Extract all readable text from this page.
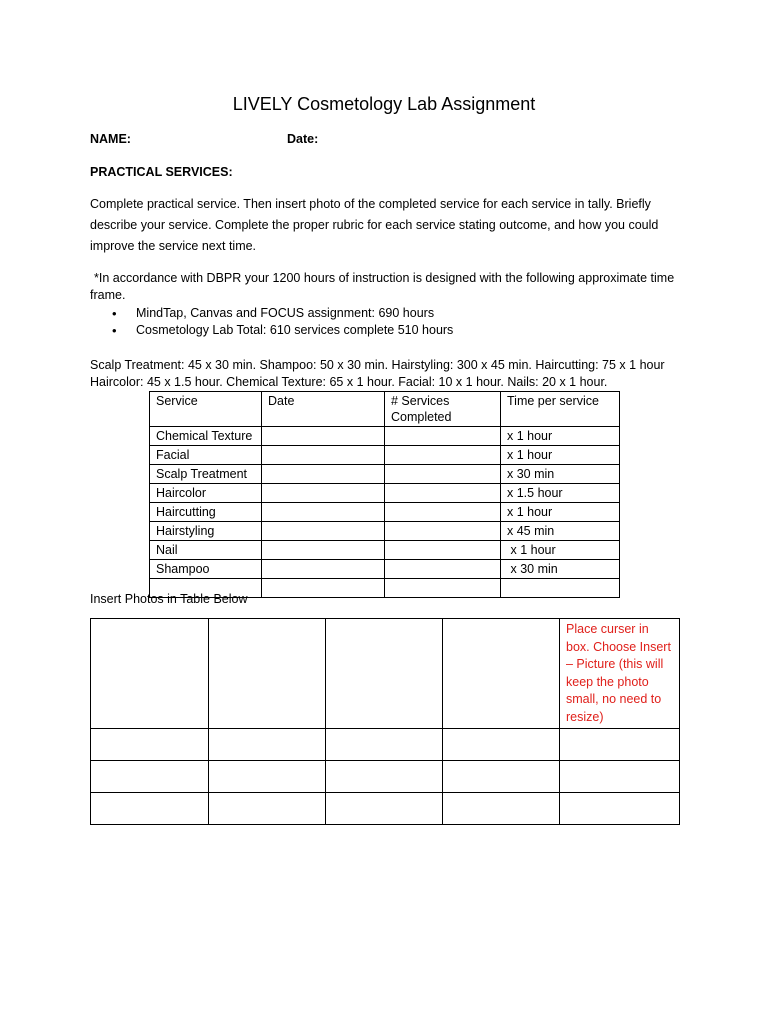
LIVELY Cosmetology Lab Assignment
NAME:	Date:
PRACTICAL SERVICES:
Complete practical service. Then insert photo of the completed service for each service in tally. Briefly describe your service. Complete the proper rubric for each service stating outcome, and how you could improve the service next time.
*In accordance with DBPR your 1200 hours of instruction is designed with the following approximate time frame.
• MindTap, Canvas and FOCUS assignment: 690 hours
• Cosmetology Lab Total: 610 services complete 510 hours
Scalp Treatment: 45 x 30 min. Shampoo: 50 x 30 min. Hairstyling: 300 x 45 min. Haircutting: 75 x 1 hour
Haircolor: 45 x 1.5 hour. Chemical Texture: 65 x 1 hour. Facial: 10 x 1 hour. Nails: 20 x 1 hour.
Service	Date	# Services Completed	Time per service
Chemical Texture			x 1 hour
Facial			x 1 hour
Scalp Treatment			x 30 min
Haircolor			x 1.5 hour
Haircutting			x 1 hour
Hairstyling			x 45 min
Nail			x 1 hour
Shampoo			x 30 min

Insert Photos in Table Below
				Place curser in box. Choose Insert – Picture (this will keep the photo small, no need to resize)
